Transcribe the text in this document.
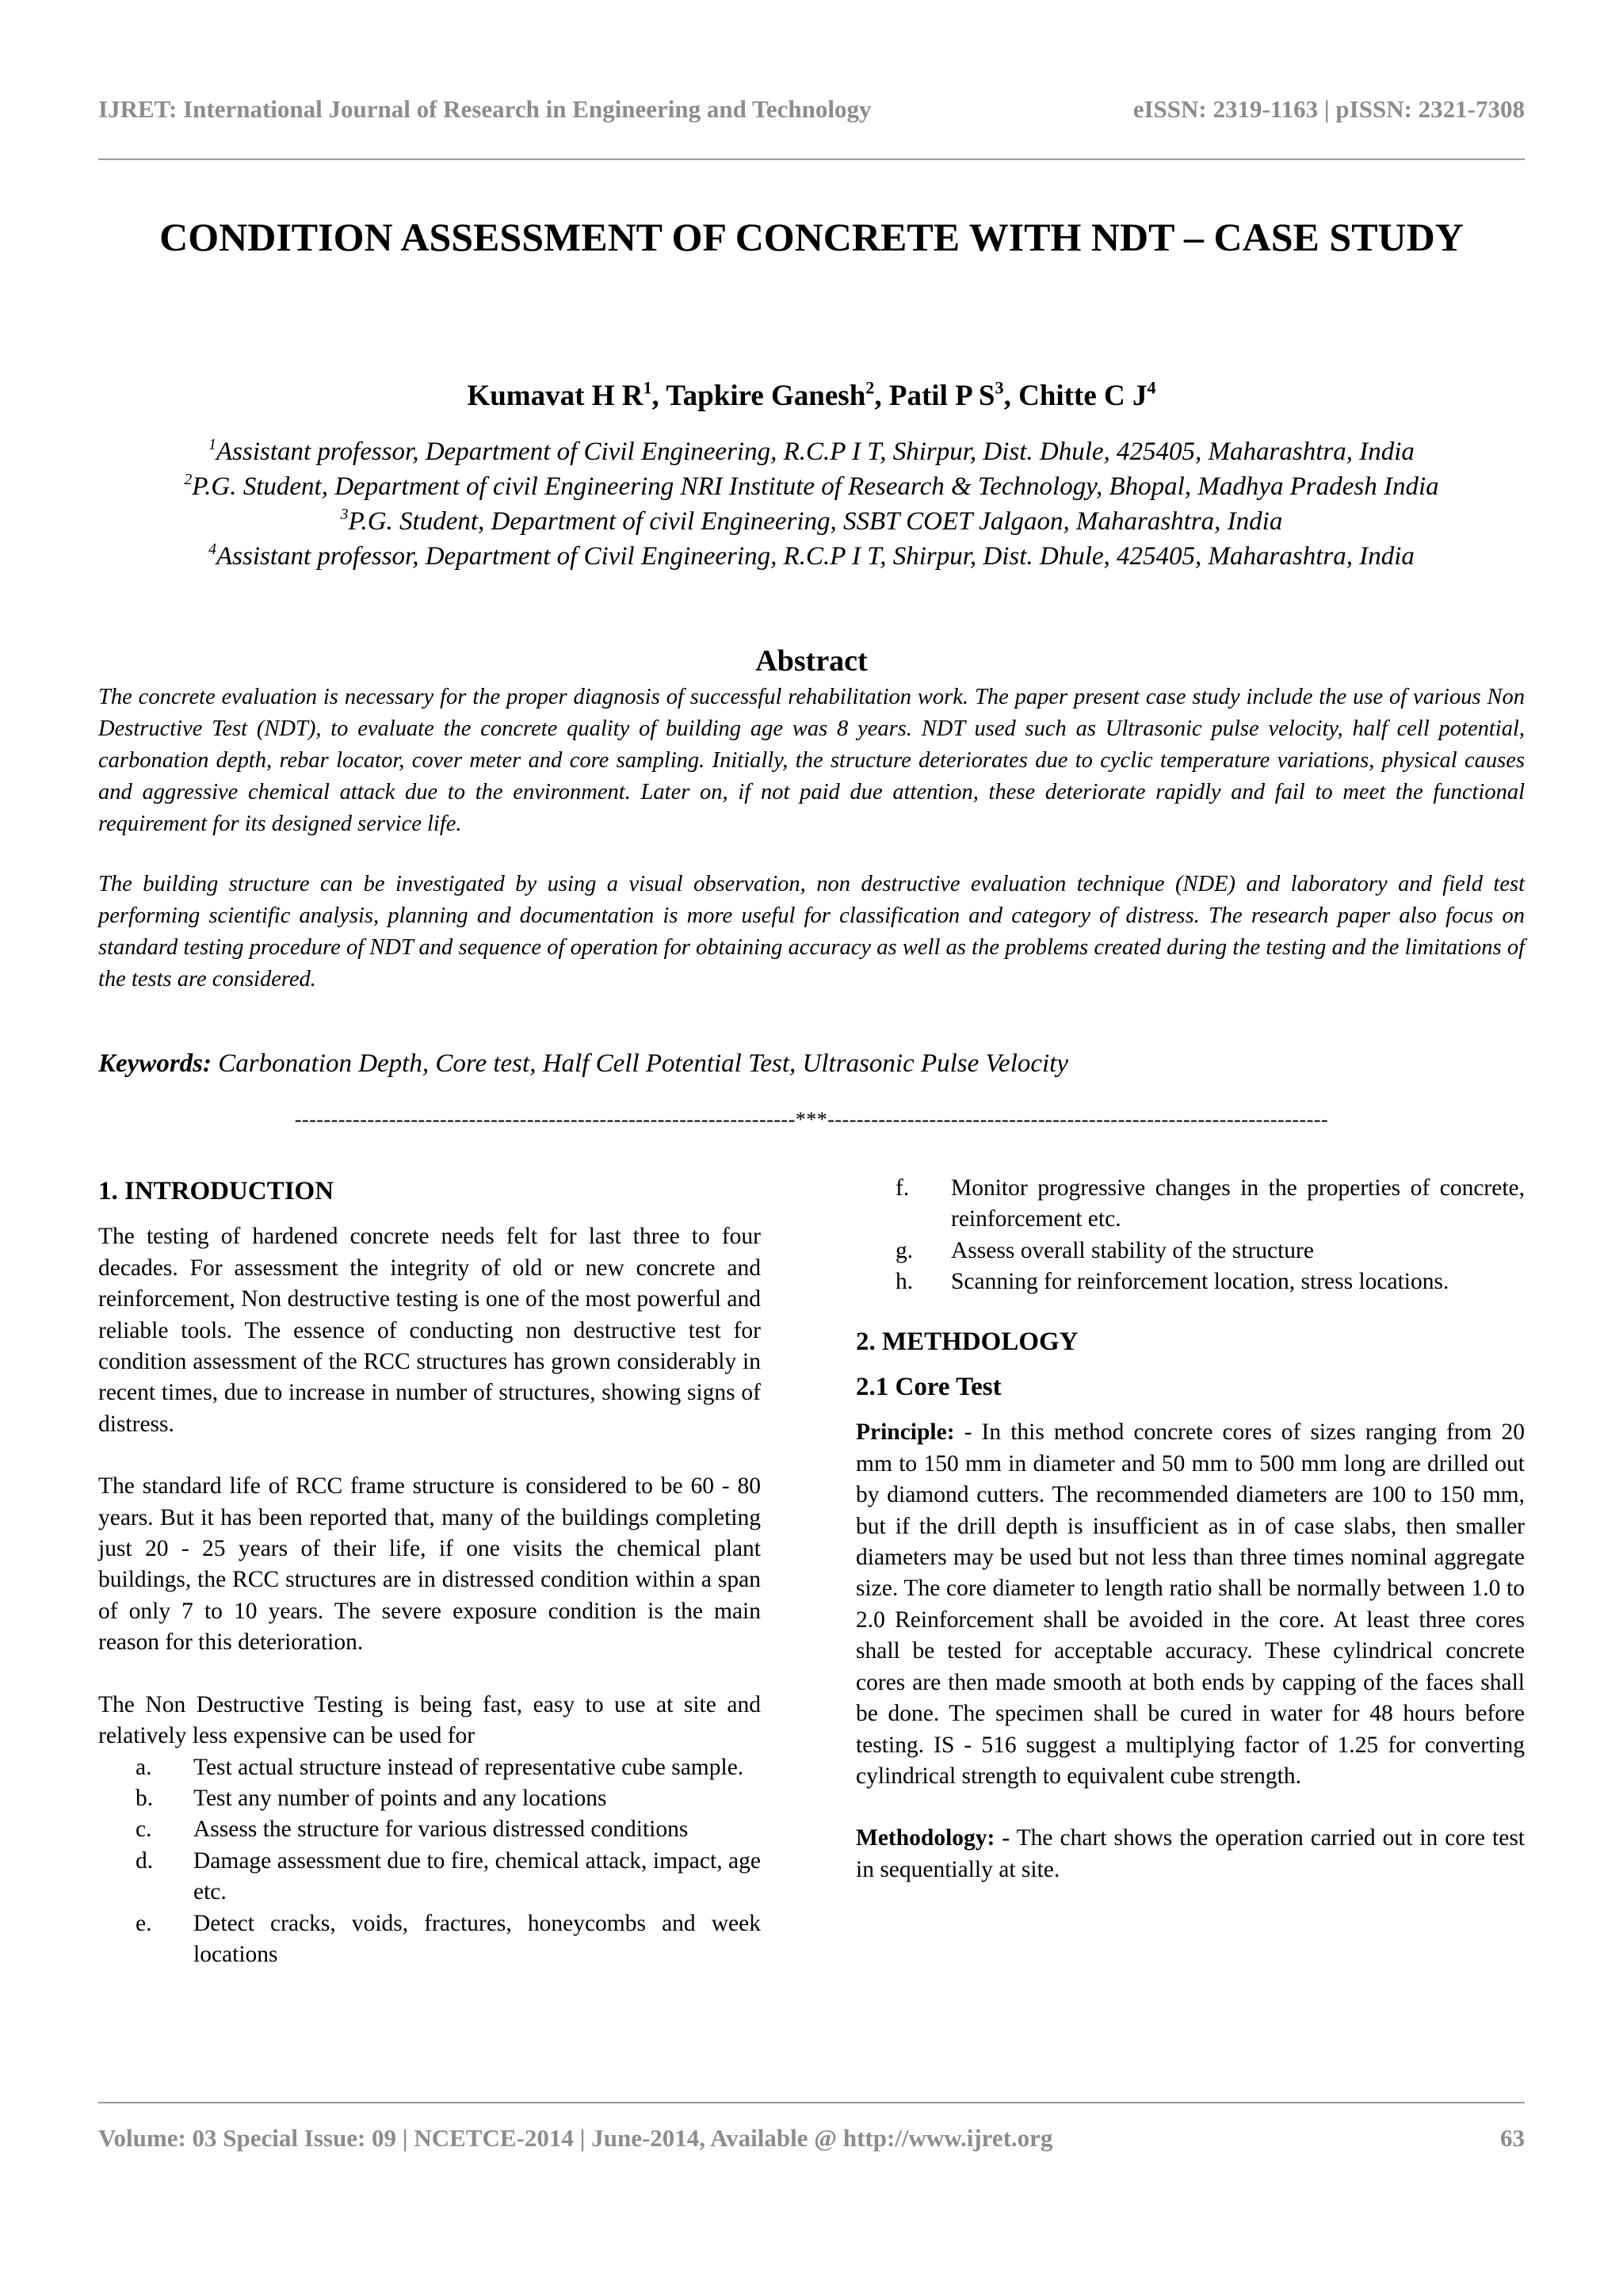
IJRET: International Journal of Research in Engineering and Technology	eISSN: 2319-1163 | pISSN: 2321-7308
CONDITION ASSESSMENT OF CONCRETE WITH NDT – CASE STUDY
Kumavat H $R^1$, Tapkire Ganesh$^2$, Patil P $S^3$, Chitte C $J^4$
$^1$Assistant professor, Department of Civil Engineering, R.C.P I T, Shirpur, Dist. Dhule, 425405, Maharashtra, India
$^2$P.G. Student, Department of civil Engineering NRI Institute of Research & Technology, Bhopal, Madhya Pradesh India
$^3$P.G. Student, Department of civil Engineering, SSBT COET Jalgaon, Maharashtra, India
$^4$Assistant professor, Department of Civil Engineering, R.C.P I T, Shirpur, Dist. Dhule, 425405, Maharashtra, India
Abstract

The concrete evaluation is necessary for the proper diagnosis of successful rehabilitation work. The paper present case study include the use of various Non Destructive Test (NDT), to evaluate the concrete quality of building age was 8 years. NDT used such as Ultrasonic pulse velocity, half cell potential, carbonation depth, rebar locator, cover meter and core sampling. Initially, the structure deteriorates due to cyclic temperature variations, physical causes and aggressive chemical attack due to the environment. Later on, if not paid due attention, these deteriorate rapidly and fail to meet the functional requirement for its designed service life.

The building structure can be investigated by using a visual observation, non destructive evaluation technique (NDE) and laboratory and field test performing scientific analysis, planning and documentation is more useful for classification and category of distress. The research paper also focus on standard testing procedure of NDT and sequence of operation for obtaining accuracy as well as the problems created during the testing and the limitations of the tests are considered.

Keywords: Carbonation Depth, Core test, Half Cell Potential Test, Ultrasonic Pulse Velocity
---------------------------------------------------------------------***---------------------------------------------------------------------
1. INTRODUCTION

The testing of hardened concrete needs felt for last three to four decades. For assessment the integrity of old or new concrete and reinforcement, Non destructive testing is one of the most powerful and reliable tools. The essence of conducting non destructive test for condition assessment of the RCC structures has grown considerably in recent times, due to increase in number of structures, showing signs of distress.

The standard life of RCC frame structure is considered to be 60 - 80 years. But it has been reported that, many of the buildings completing just 20 - 25 years of their life, if one visits the chemical plant buildings, the RCC structures are in distressed condition within a span of only 7 to 10 years. The severe exposure condition is the main reason for this deterioration.

The Non Destructive Testing is being fast, easy to use at site and relatively less expensive can be used for

a.	Test actual structure instead of representative cube sample.
b.	Test any number of points and any locations
c.	Assess the structure for various distressed conditions
d.	Damage assessment due to fire, chemical attack, impact, age etc.
e.	Detect cracks, voids, fractures, honeycombs and week locations
f.	Monitor progressive changes in the properties of concrete, reinforcement etc.
g.	Assess overall stability of the structure
h.	Scanning for reinforcement location, stress locations.
2. METHDOLOGY
2.1 Core Test

Principle: - In this method concrete cores of sizes ranging from 20 mm to 150 mm in diameter and 50 mm to 500 mm long are drilled out by diamond cutters. The recommended diameters are 100 to 150 mm, but if the drill depth is insufficient as in of case slabs, then smaller diameters may be used but not less than three times nominal aggregate size. The core diameter to length ratio shall be normally between 1.0 to 2.0 Reinforcement shall be avoided in the core. At least three cores shall be tested for acceptable accuracy. These cylindrical concrete cores are then made smooth at both ends by capping of the faces shall be done. The specimen shall be cured in water for 48 hours before testing. IS - 516 suggest a multiplying factor of 1.25 for converting cylindrical strength to equivalent cube strength.

Methodology: - The chart shows the operation carried out in core test in sequentially at site.

Volume: 03 Special Issue: 09 | NCETCE-2014 | June-2014, Available @ http://www.ijret.org	63
